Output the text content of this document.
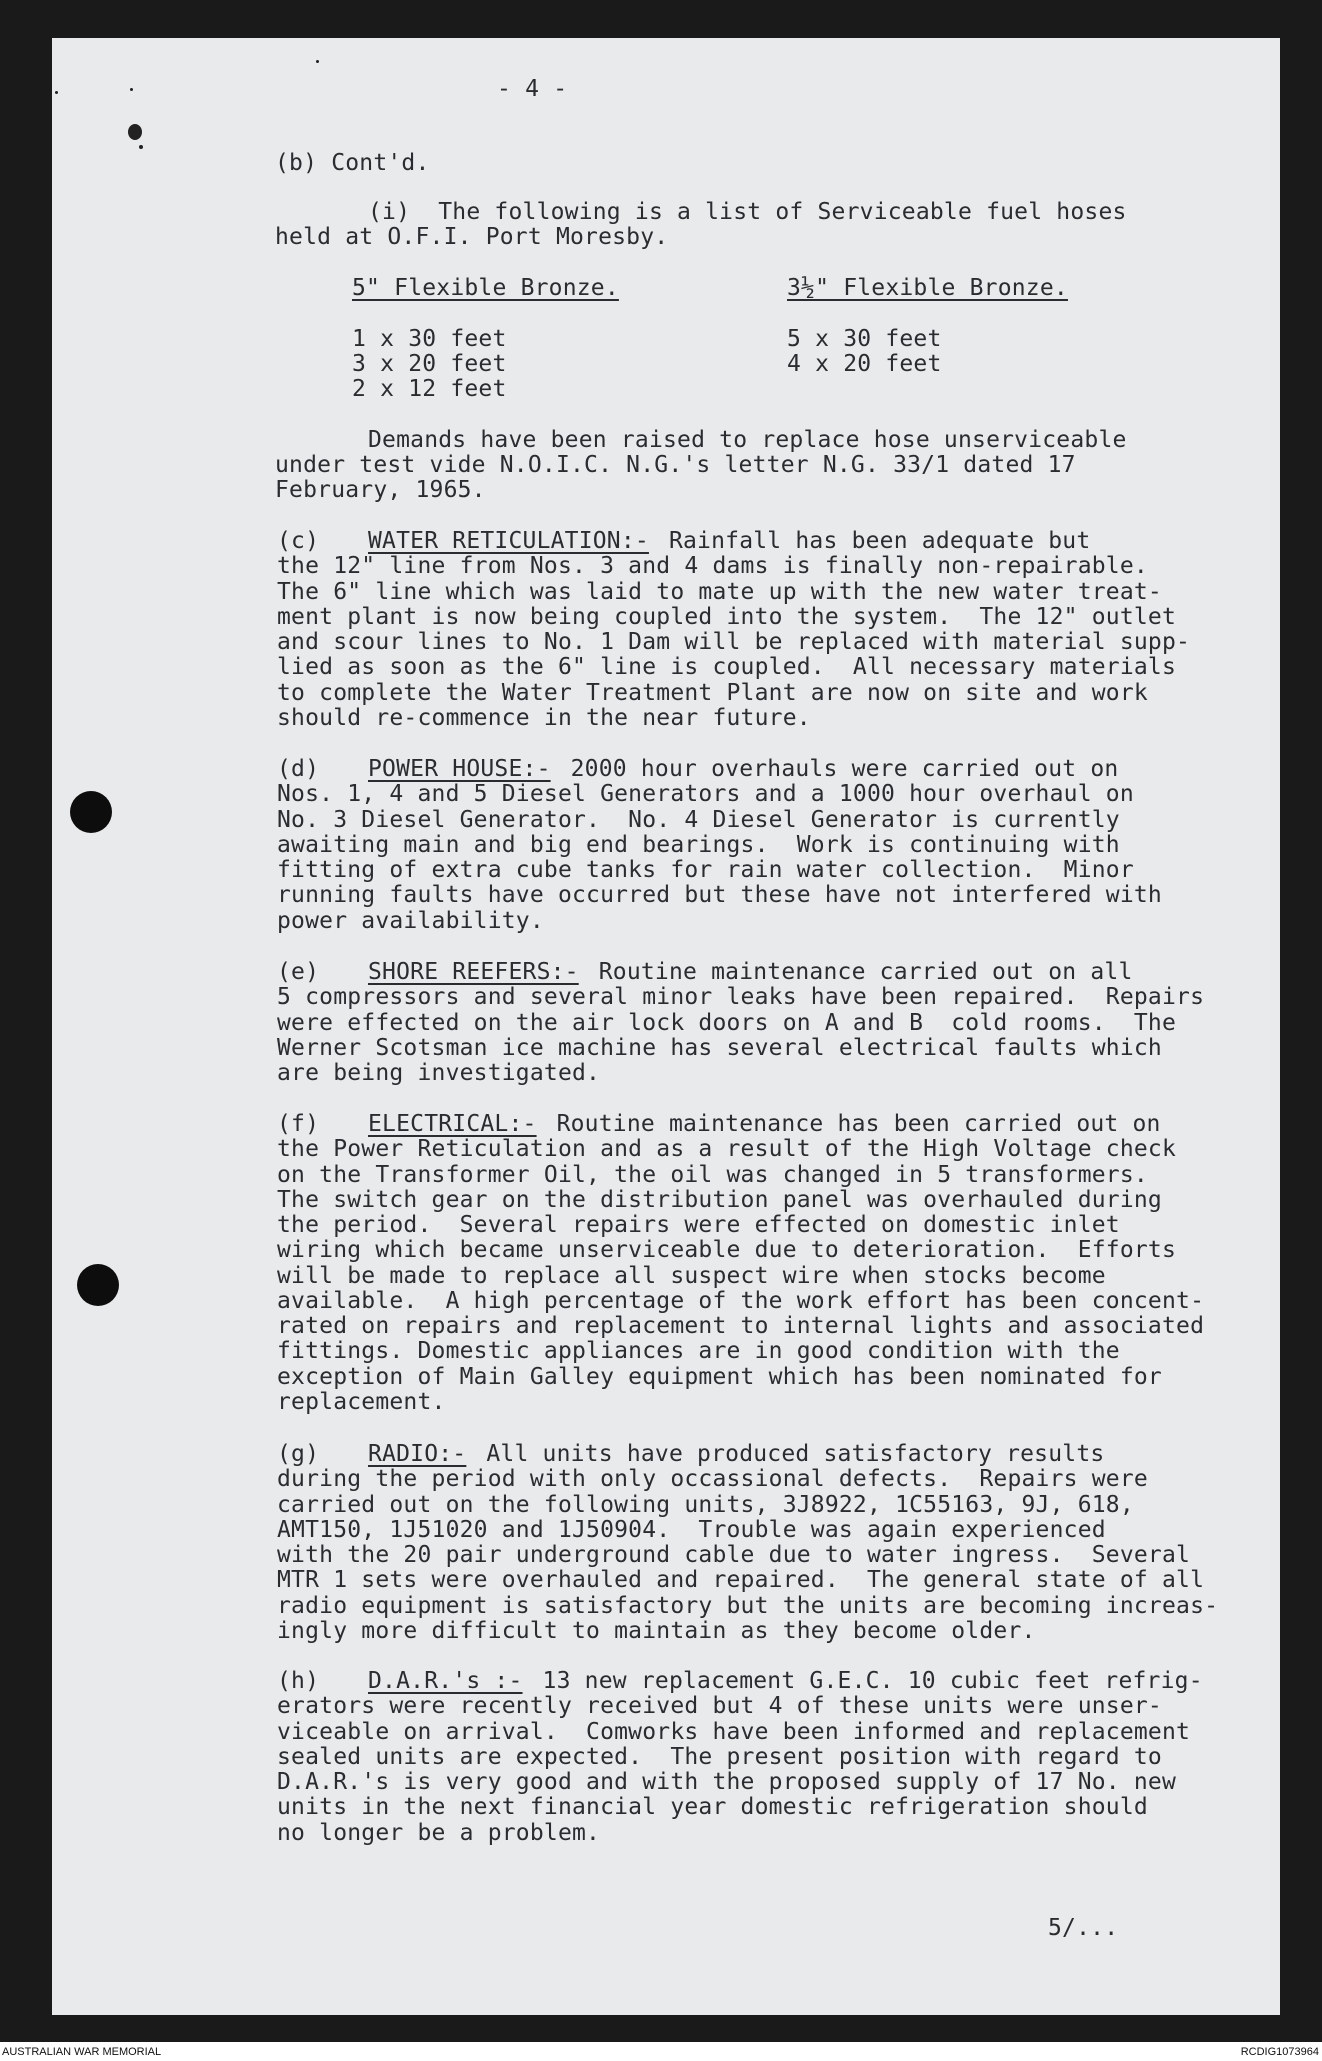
- 4 -
(b) Cont'd.
(i)  The following is a list of Serviceable fuel hoses
held at O.F.I. Port Moresby.
5" Flexible Bronze.
1 x 30 feet
3 x 20 feet
2 x 12 feet
3½" Flexible Bronze.
5 x 30 feet
4 x 20 feet
Demands have been raised to replace hose unserviceable
under test vide N.O.I.C. N.G.'s letter N.G. 33/1 dated 17
February, 1965.
(c) WATER RETICULATION:- Rainfall has been adequate but
the 12" line from Nos. 3 and 4 dams is finally non-repairable.
The 6" line which was laid to mate up with the new water treat-
ment plant is now being coupled into the system.  The 12" outlet
and scour lines to No. 1 Dam will be replaced with material supp-
lied as soon as the 6" line is coupled.  All necessary materials
to complete the Water Treatment Plant are now on site and work
should re-commence in the near future.
(d) POWER HOUSE:- 2000 hour overhauls were carried out on
Nos. 1, 4 and 5 Diesel Generators and a 1000 hour overhaul on
No. 3 Diesel Generator.  No. 4 Diesel Generator is currently
awaiting main and big end bearings.  Work is continuing with
fitting of extra cube tanks for rain water collection.  Minor
running faults have occurred but these have not interfered with
power availability.
(e) SHORE REEFERS:- Routine maintenance carried out on all
5 compressors and several minor leaks have been repaired.  Repairs
were effected on the air lock doors on A and B  cold rooms.  The
Werner Scotsman ice machine has several electrical faults which
are being investigated.
(f) ELECTRICAL:- Routine maintenance has been carried out on
the Power Reticulation and as a result of the High Voltage check
on the Transformer Oil, the oil was changed in 5 transformers.
The switch gear on the distribution panel was overhauled during
the period.  Several repairs were effected on domestic inlet
wiring which became unserviceable due to deterioration.  Efforts
will be made to replace all suspect wire when stocks become
available.  A high percentage of the work effort has been concent-
rated on repairs and replacement to internal lights and associated
fittings. Domestic appliances are in good condition with the
exception of Main Galley equipment which has been nominated for
replacement.
(g) RADIO:- All units have produced satisfactory results
during the period with only occassional defects.  Repairs were
carried out on the following units, 3J8922, 1C55163, 9J, 618,
AMT150, 1J51020 and 1J50904.  Trouble was again experienced
with the 20 pair underground cable due to water ingress.  Several
MTR 1 sets were overhauled and repaired.  The general state of all
radio equipment is satisfactory but the units are becoming increas-
ingly more difficult to maintain as they become older.
(h) D.A.R.'s :- 13 new replacement G.E.C. 10 cubic feet refrig-
erators were recently received but 4 of these units were unser-
viceable on arrival.  Comworks have been informed and replacement
sealed units are expected.  The present position with regard to
D.A.R.'s is very good and with the proposed supply of 17 No. new
units in the next financial year domestic refrigeration should
no longer be a problem.
5/...
AUSTRALIAN WAR MEMORIAL	RCDIG1073964
